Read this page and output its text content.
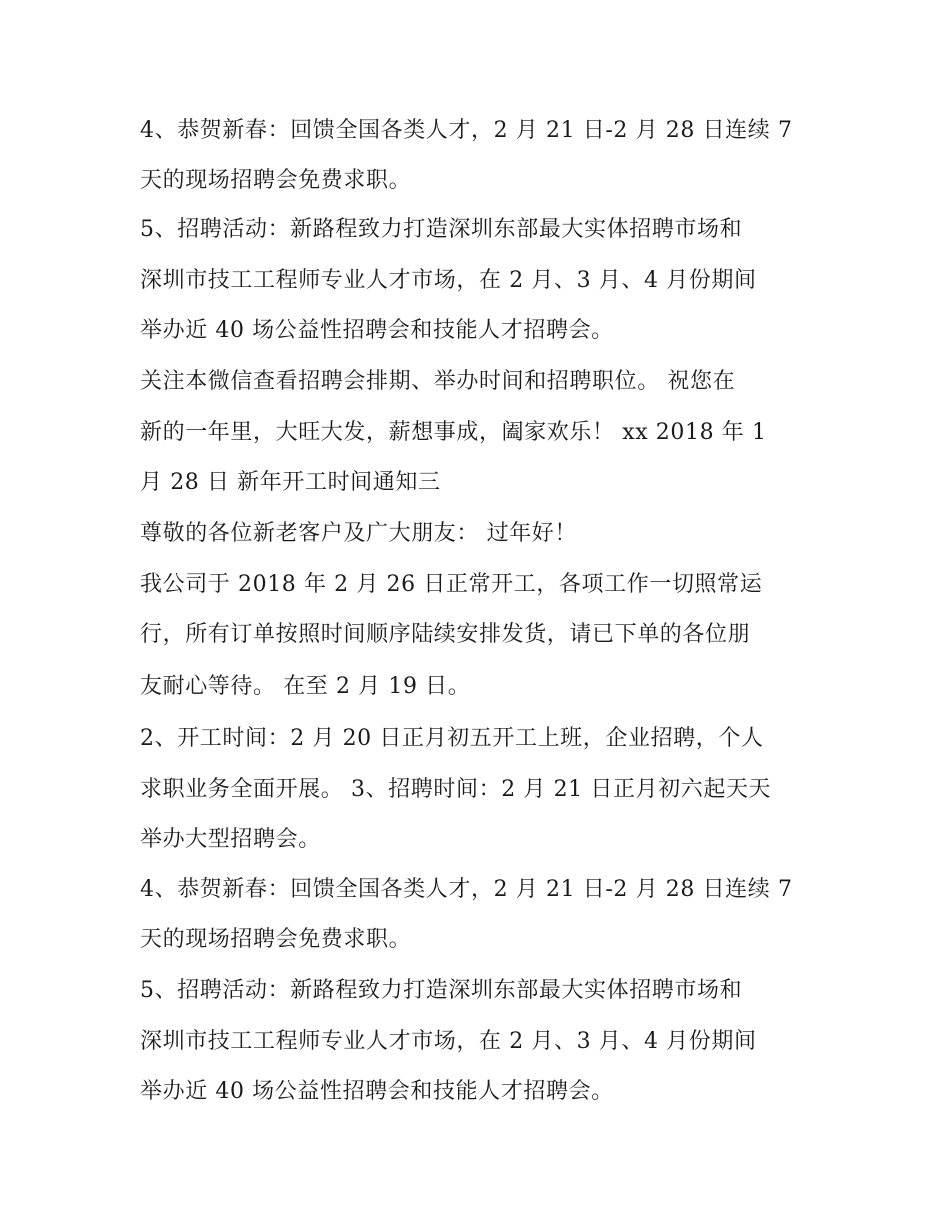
4、恭贺新春：回馈全国各类人才，2 月 21 日-2 月 28 日连续 7
天的现场招聘会免费求职。
5、招聘活动：新路程致力打造深圳东部最大实体招聘市场和
深圳市技工工程师专业人才市场，在 2 月、3 月、4 月份期间
举办近 40 场公益性招聘会和技能人才招聘会。
关注本微信查看招聘会排期、举办时间和招聘职位。 祝您在
新的一年里，大旺大发，薪想事成，阖家欢乐！ xx 2018 年 1
月 28 日 新年开工时间通知三
尊敬的各位新老客户及广大朋友： 过年好！
我公司于 2018 年 2 月 26 日正常开工，各项工作一切照常运
行，所有订单按照时间顺序陆续安排发货，请已下单的各位朋
友耐心等待。 在至 2 月 19 日。
2、开工时间：2 月 20 日正月初五开工上班，企业招聘，个人
求职业务全面开展。 3、招聘时间：2 月 21 日正月初六起天天
举办大型招聘会。
4、恭贺新春：回馈全国各类人才，2 月 21 日-2 月 28 日连续 7
天的现场招聘会免费求职。
5、招聘活动：新路程致力打造深圳东部最大实体招聘市场和
深圳市技工工程师专业人才市场，在 2 月、3 月、4 月份期间
举办近 40 场公益性招聘会和技能人才招聘会。
